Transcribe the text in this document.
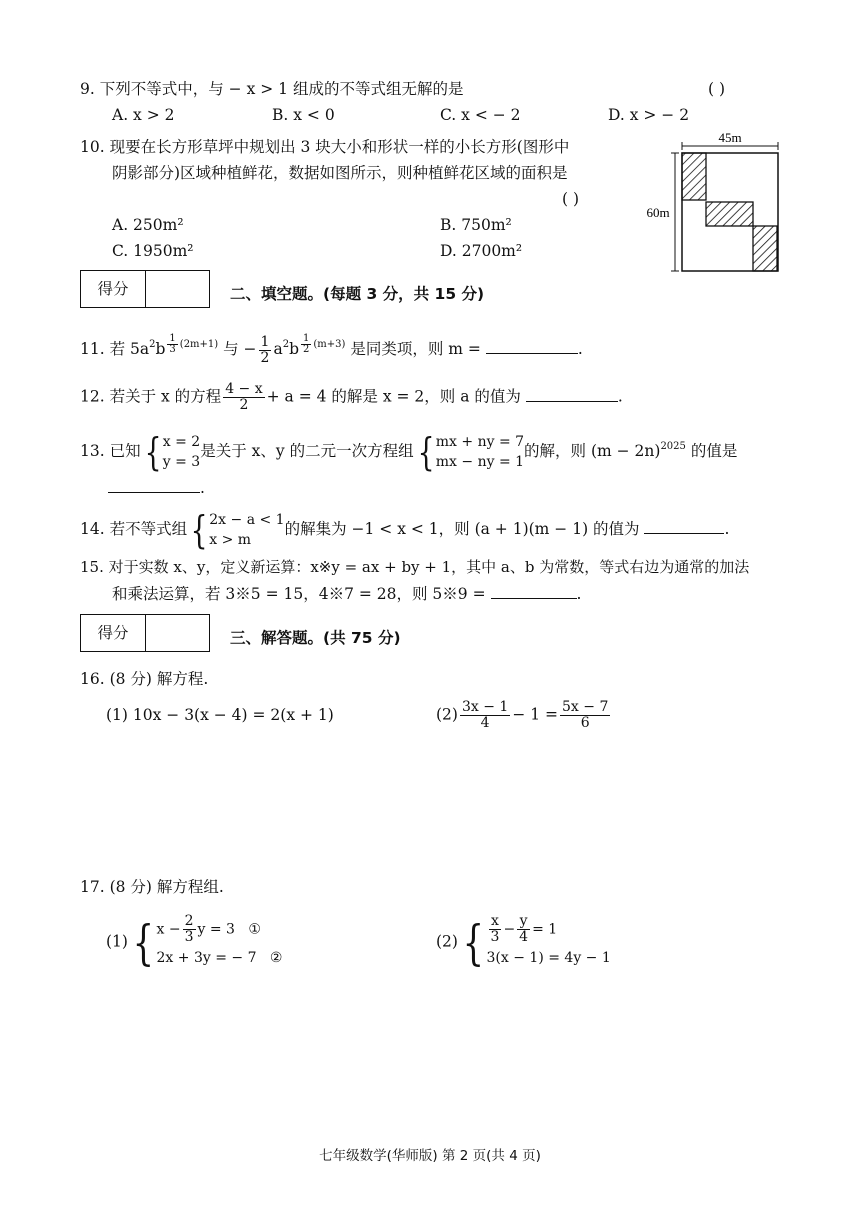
9. 下列不等式中，与 − x > 1 组成的不等式组无解的是	( )
A. x > 2	B. x < 0	C. x < − 2	D. x > − 2
10. 现要在长方形草坪中规划出 3 块大小和形状一样的小长方形(图形中
阴影部分)区域种植鲜花，数据如图所示，则种植鲜花区域的面积是
( )
A. 250m²	B. 750m²
C. 1950m²	D. 2700m²
45m
60m
得分	二、填空题。(每题 3 分，共 15 分)
11. 若 $5a^2b$ $^{\frac{1}{3} (2m+1)}$ 与 − $\frac{1}{2} a^2b$ $^{\frac{1}{2} (m+3)}$ 是同类项，则 m =	.
12. 若关于 x 的方程 $\frac{4 - x}{2} + a = 4$ 的解是 x = 2，则 a 的值为	.
13. 已知{ x = 2
y = 3
是关于 x、y 的二元一次方程组{ mx + ny = 7
mx − ny = 1
的解，则 $(m - 2n)^{2025}$ 的值是
.
14. 若不等式组{ 2x − a < 1
x > m
的解集为 −1 < x < 1，则 (a + 1)(m − 1) 的值为	.
15. 对于实数 x、y，定义新运算：x※y = ax + by + 1，其中 a、b 为常数，等式右边为通常的加法
和乘法运算，若 3※5 = 15，4※7 = 28，则 5※9 =	.
得分	三、解答题。(共 75 分)
16. (8 分) 解方程.
(1) 10x − 3(x − 4) = 2(x + 1)	$(2) \frac{3x - 1}{4} - 1 = \frac{5x - 7}{6}$
17. (8 分) 解方程组.
(1){ $x - \frac{2}{3}$ y = 3 ①
2x + 3y = − 7 ②
$(2)\{ \frac{x}{3} - \frac{y}{4} = 1$
3(x − 1) = 4y − 1
七年级数学(华师版) 第 2 页(共 4 页)
